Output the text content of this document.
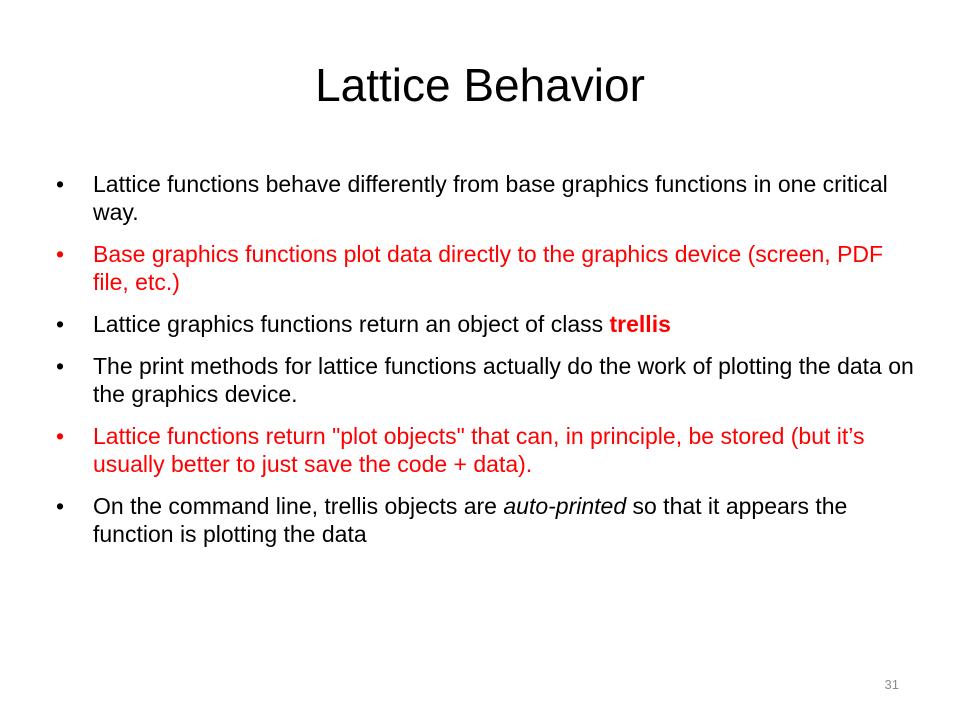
Lattice Behavior
•	Lattice functions behave differently from base graphics functions in one critical way.
•	Base graphics functions plot data directly to the graphics device (screen, PDF file, etc.)
•	Lattice graphics functions return an object of class trellis
•	The print methods for lattice functions actually do the work of plotting the data on the graphics device.
•	Lattice functions return "plot objects" that can, in principle, be stored (but it’s usually better to just save the code + data).
•	On the command line, trellis objects are auto-printed so that it appears the function is plotting the data
31
